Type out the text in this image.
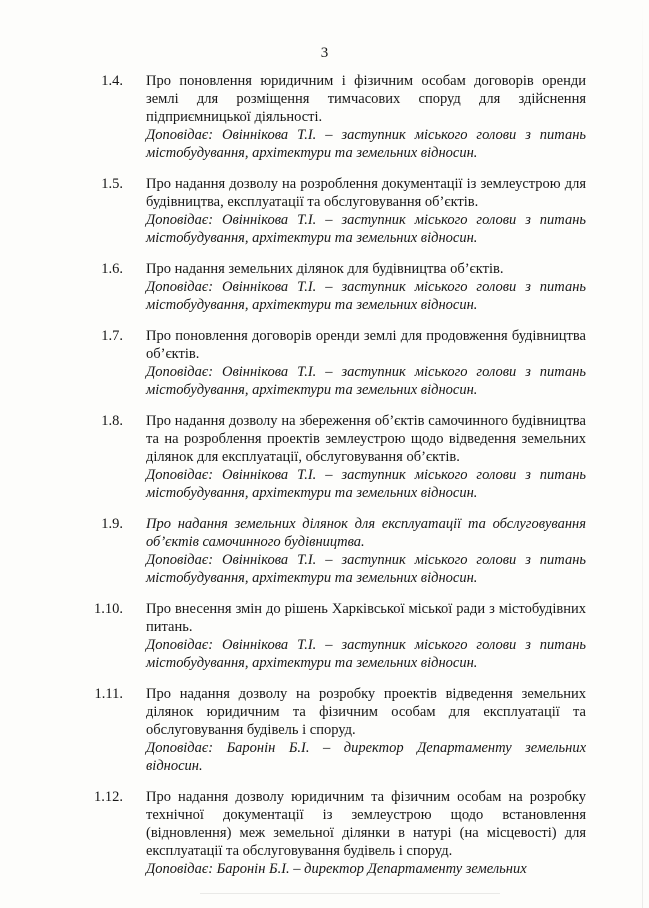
3
1.4. Про поновлення юридичним і фізичним особам договорів оренди землі для розміщення тимчасових споруд для здійснення підприємницької діяльності.

Доповідає: Овіннікова Т.І. – заступник міського голови з питань містобудування, архітектури та земельних відносин.

1.5. Про надання дозволу на розроблення документації із землеустрою для будівництва, експлуатації та обслуговування об’єктів.

Доповідає: Овіннікова Т.І. – заступник міського голови з питань містобудування, архітектури та земельних відносин.

1.6. Про надання земельних ділянок для будівництва об’єктів.

Доповідає: Овіннікова Т.І. – заступник міського голови з питань містобудування, архітектури та земельних відносин.

1.7. Про поновлення договорів оренди землі для продовження будівництва об’єктів.

Доповідає: Овіннікова Т.І. – заступник міського голови з питань містобудування, архітектури та земельних відносин.

1.8. Про надання дозволу на збереження об’єктів самочинного будівництва та на розроблення проектів землеустрою щодо відведення земельних ділянок для експлуатації, обслуговування об’єктів.

Доповідає: Овіннікова Т.І. – заступник міського голови з питань містобудування, архітектури та земельних відносин.

1.9. Про надання земельних ділянок для експлуатації та обслуговування об’єктів самочинного будівництва.

Доповідає: Овіннікова Т.І. – заступник міського голови з питань містобудування, архітектури та земельних відносин.

1.10. Про внесення змін до рішень Харківської міської ради з містобудівних питань.

Доповідає: Овіннікова Т.І. – заступник міського голови з питань містобудування, архітектури та земельних відносин.

1.11. Про надання дозволу на розробку проектів відведення земельних ділянок юридичним та фізичним особам для експлуатації та обслуговування будівель і споруд.

Доповідає: Баронін Б.І. – директор Департаменту земельних відносин.

1.12. Про надання дозволу юридичним та фізичним особам на розробку технічної документації із землеустрою щодо встановлення (відновлення) меж земельної ділянки в натурі (на місцевості) для експлуатації та обслуговування будівель і споруд.

Доповідає: Баронін Б.І. – директор Департаменту земельних
